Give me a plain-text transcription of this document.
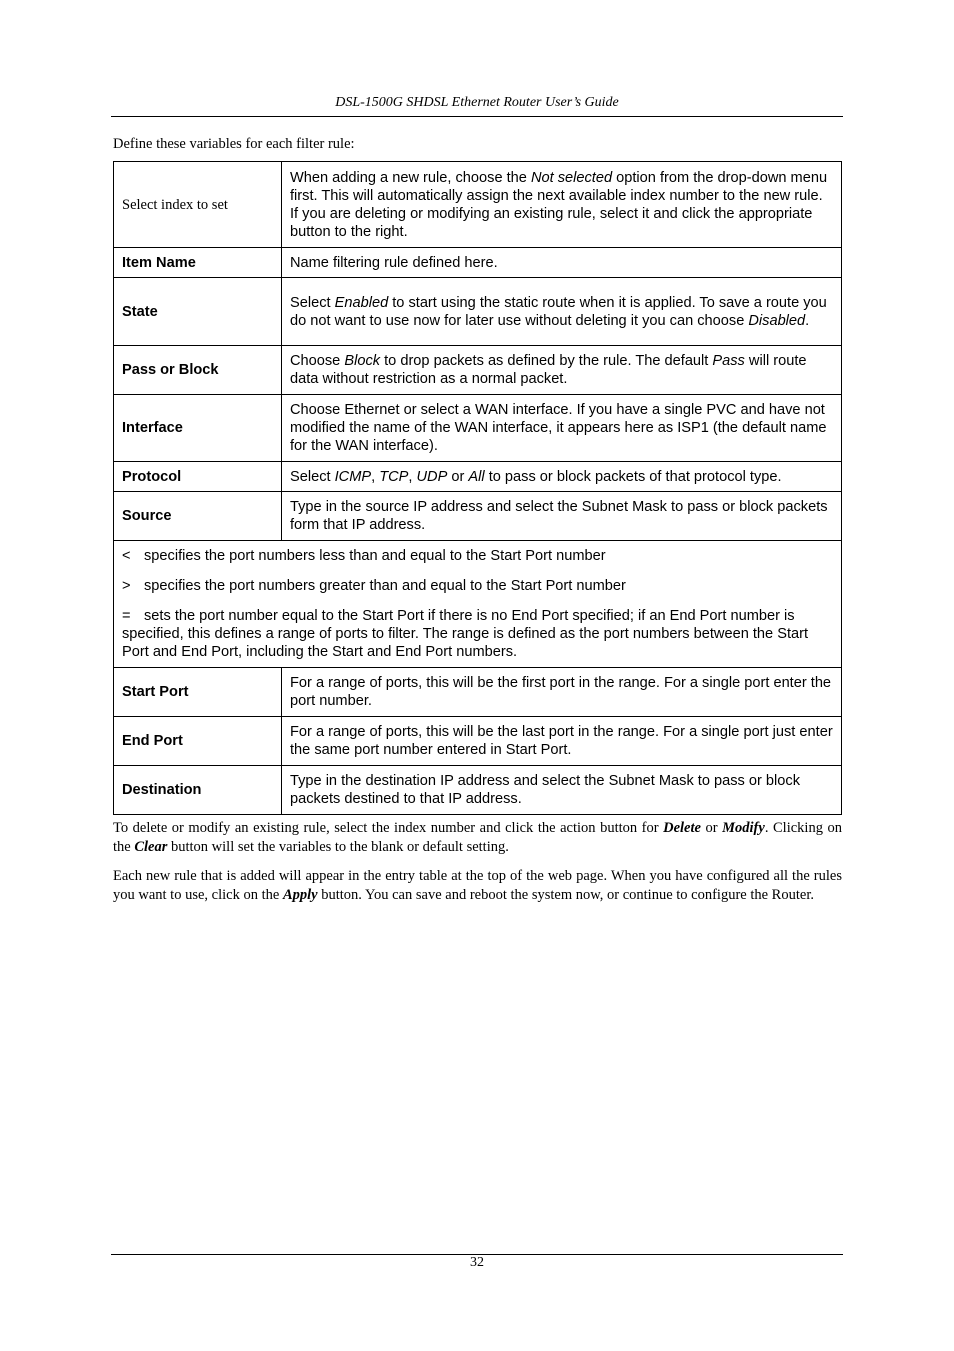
DSL-1500G SHDSL Ethernet Router User’s Guide
Define these variables for each filter rule:
Select index to set	When adding a new rule, choose the Not selected option from the drop-down menu first. This will automatically assign the next available index number to the new rule. If you are deleting or modifying an existing rule, select it and click the appropriate button to the right.
Item Name	Name filtering rule defined here.
State	Select Enabled to start using the static route when it is applied. To save a route you do not want to use now for later use without deleting it you can choose Disabled.
Pass or Block	Choose Block to drop packets as defined by the rule. The default Pass will route data without restriction as a normal packet.
Interface	Choose Ethernet or select a WAN interface. If you have a single PVC and have not modified the name of the WAN interface, it appears here as ISP1 (the default name for the WAN interface).
Protocol	Select ICMP, TCP, UDP or All to pass or block packets of that protocol type.
Source	Type in the source IP address and select the Subnet Mask to pass or block packets form that IP address.

< specifies the port numbers less than and equal to the Start Port number

> specifies the port numbers greater than and equal to the Start Port number

= sets the port number equal to the Start Port if there is no End Port specified; if an End Port number is specified, this defines a range of ports to filter. The range is defined as the port numbers between the Start Port and End Port, including the Start and End Port numbers.	

Start Port	For a range of ports, this will be the first port in the range. For a single port enter the port number.
End Port	For a range of ports, this will be the last port in the range. For a single port just enter the same port number entered in Start Port.
Destination	Type in the destination IP address and select the Subnet Mask to pass or block packets destined to that IP address.
To delete or modify an existing rule, select the index number and click the action button for Delete or Modify. Clicking on the Clear button will set the variables to the blank or default setting.
Each new rule that is added will appear in the entry table at the top of the web page. When you have configured all the rules you want to use, click on the Apply button. You can save and reboot the system now, or continue to configure the Router.
32
